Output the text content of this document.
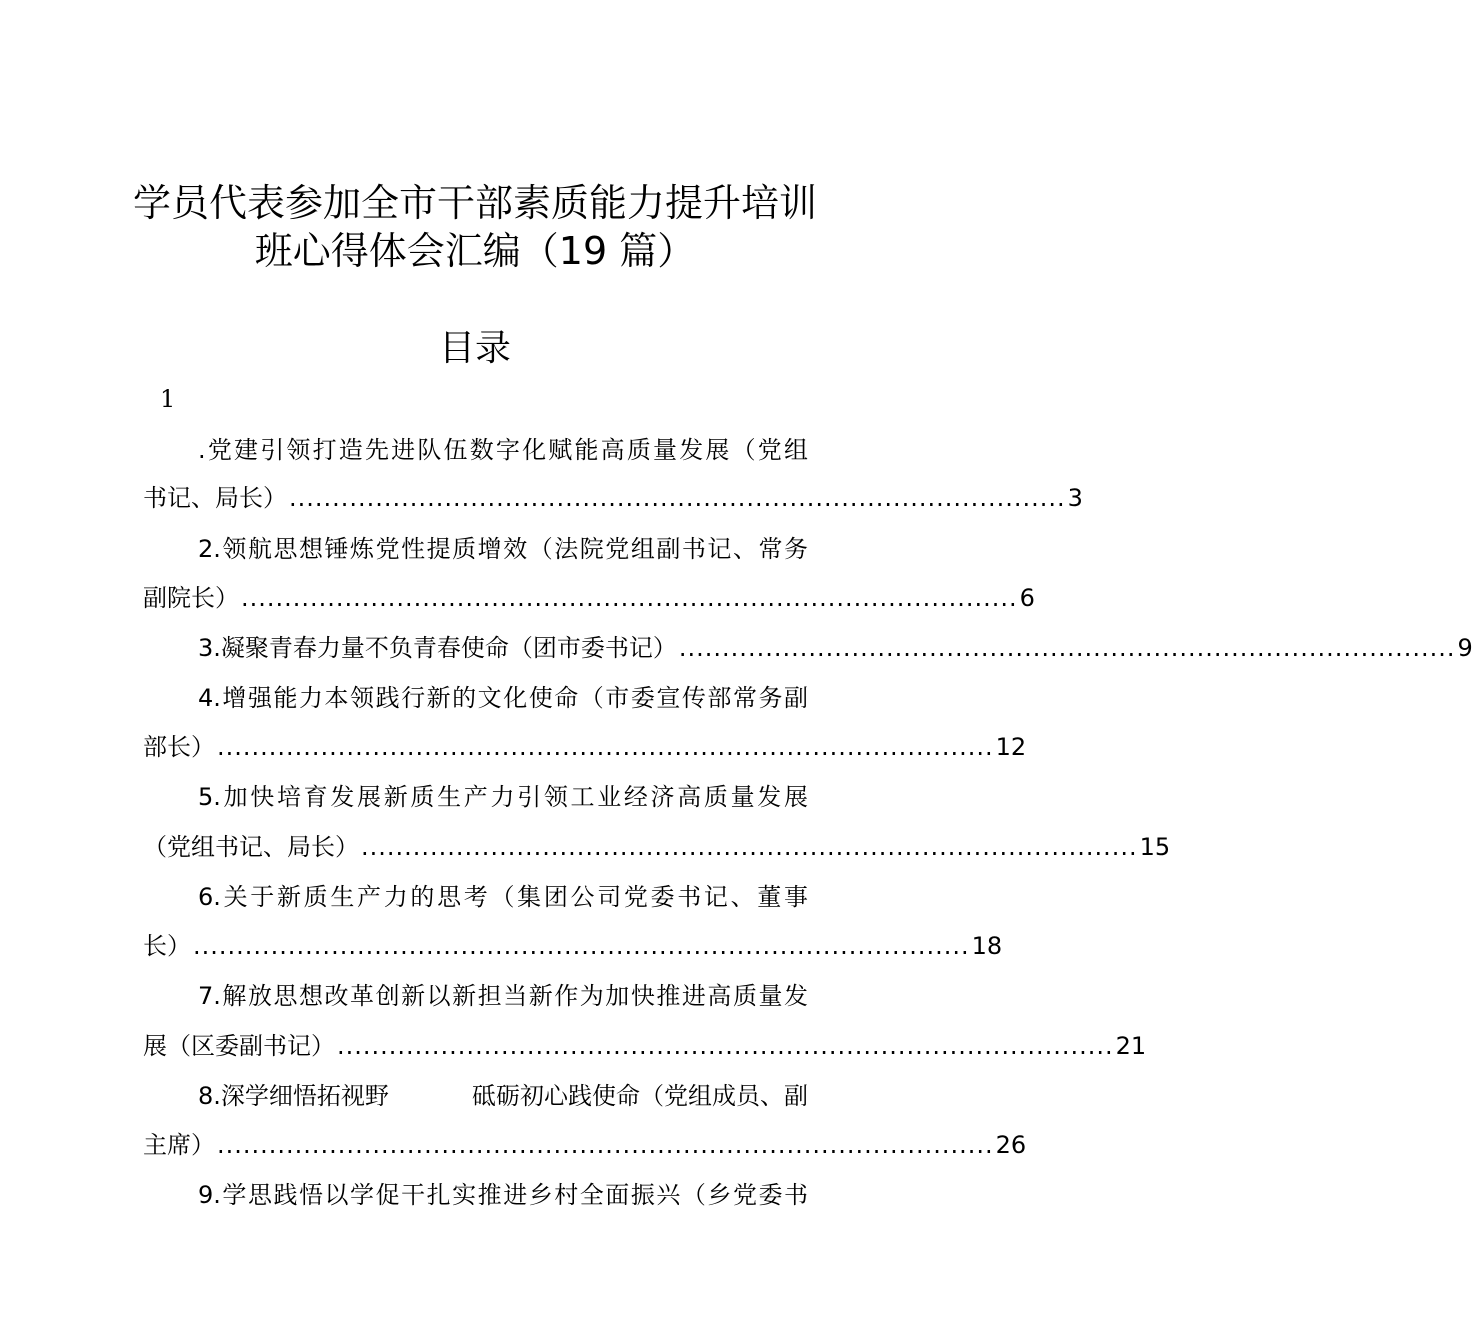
学员代表参加全市干部素质能力提升培训
班心得体会汇编（19 篇）
目录
1
.党建引领打造先进队伍数字化赋能高质量发展（党组
书记、局长） .......................................................................................... 3
2.领航思想锤炼党性提质增效（法院党组副书记、常务
副院长） .......................................................................................... 6
3.凝聚青春力量不负青春使命（团市委书记） .......................................................................................... 9
4.增强能力本领践行新的文化使命（市委宣传部常务副
部长） .......................................................................................... 12
5.加快培育发展新质生产力引领工业经济高质量发展
（党组书记、局长） .......................................................................................... 15
6.关于新质生产力的思考（集团公司党委书记、董事
长） .......................................................................................... 18
7.解放思想改革创新以新担当新作为加快推进高质量发
展（区委副书记） .......................................................................................... 21
8.深学细悟拓视野	砥砺初心践使命（党组成员、副
主席） .......................................................................................... 26
9.学思践悟以学促干扎实推进乡村全面振兴（乡党委书
